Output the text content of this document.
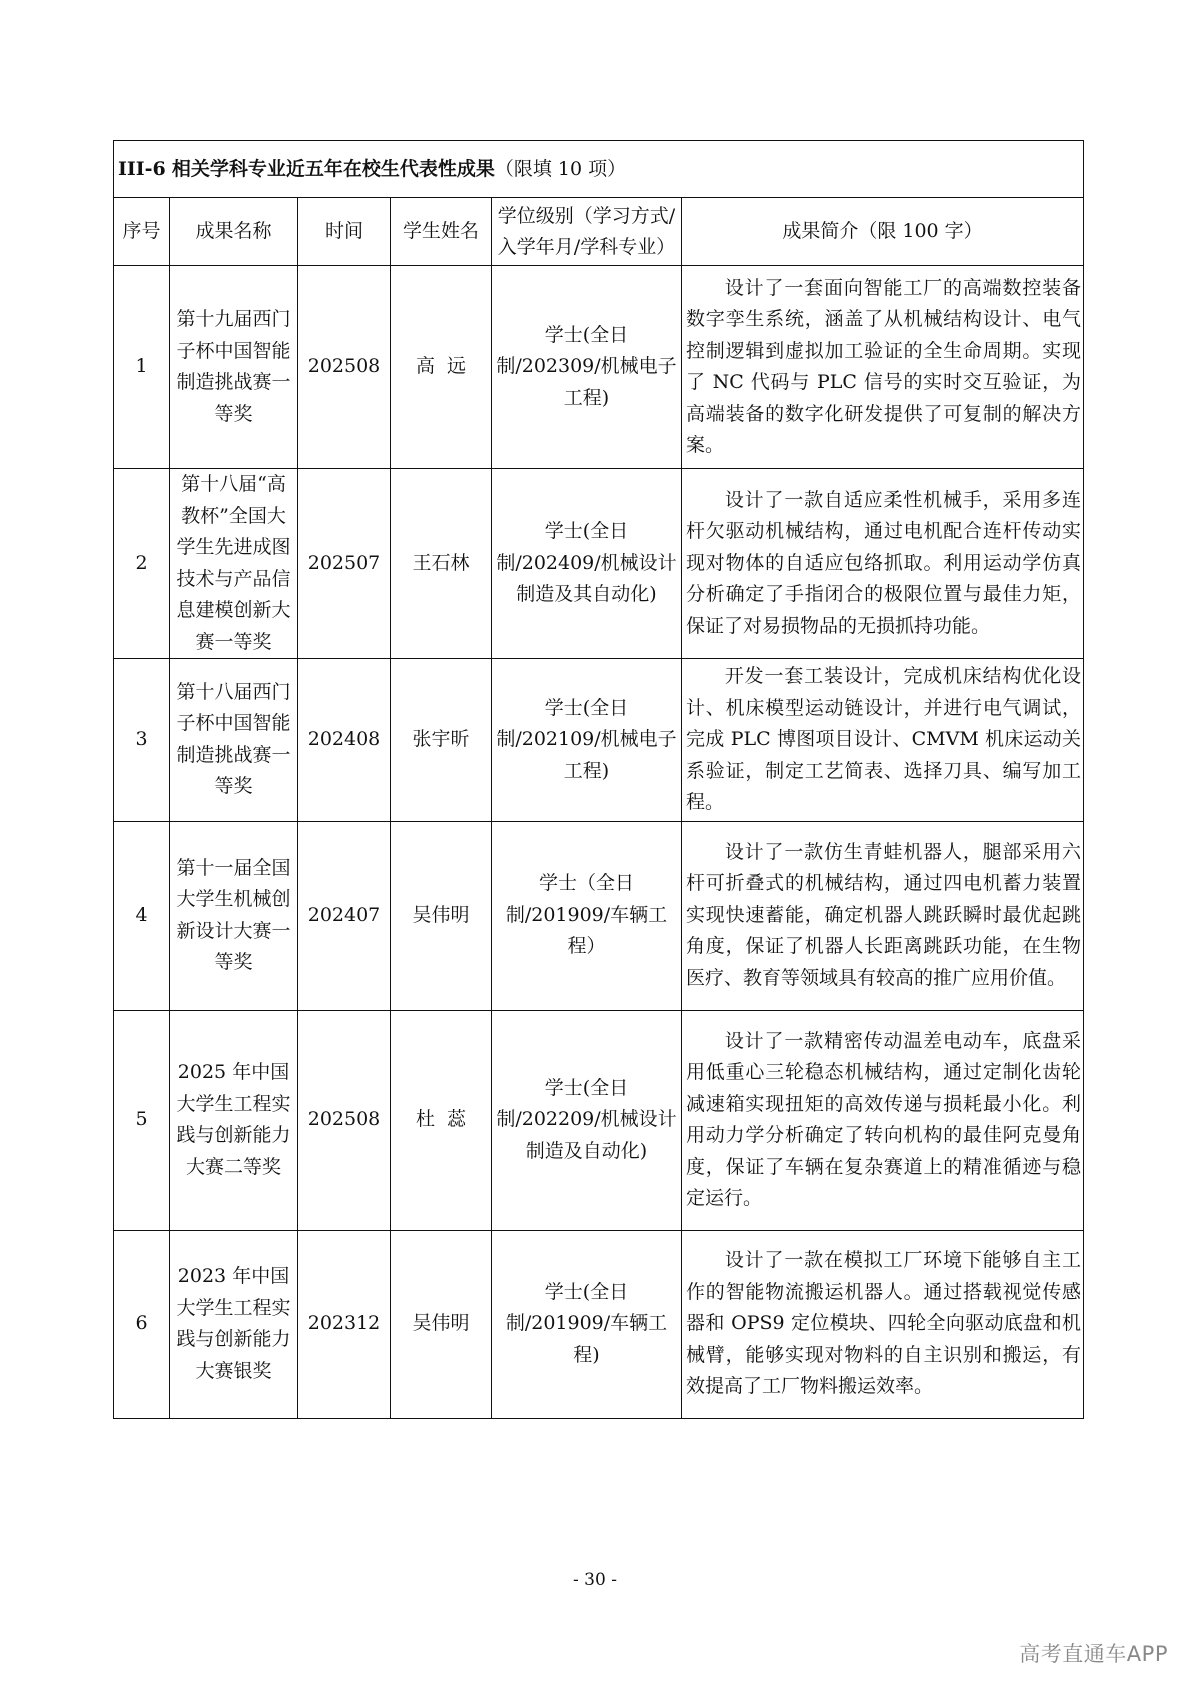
III-6 相关学科专业近五年在校生代表性成果（限填 10 项）					
序号	成果名称	时间	学生姓名	学位级别（学习方式/入学年月/学科专业）	成果简介（限 100 字）
1	第十九届西门子杯中国智能制造挑战赛一等奖	202508	高  远	学士(全日制/202309/机械电子工程)	设计了一套面向智能工厂的高端数控装备数字孪生系统，涵盖了从机械结构设计、电气控制逻辑到虚拟加工验证的全生命周期。实现了 NC 代码与 PLC 信号的实时交互验证，为高端装备的数字化研发提供了可复制的解决方案。
2	第十八届“高教杯”全国大学生先进成图技术与产品信息建模创新大赛一等奖	202507	王石林	学士(全日制/202409/机械设计制造及其自动化)	设计了一款自适应柔性机械手，采用多连杆欠驱动机械结构，通过电机配合连杆传动实现对物体的自适应包络抓取。利用运动学仿真分析确定了手指闭合的极限位置与最佳力矩，保证了对易损物品的无损抓持功能。
3	第十八届西门子杯中国智能制造挑战赛一等奖	202408	张宇昕	学士(全日制/202109/机械电子工程)	开发一套工装设计，完成机床结构优化设计、机床模型运动链设计，并进行电气调试，完成 PLC 博图项目设计、CMVM 机床运动关系验证，制定工艺简表、选择刀具、编写加工程。
4	第十一届全国大学生机械创新设计大赛一等奖	202407	吴伟明	学士（全日制/201909/车辆工程）	设计了一款仿生青蛙机器人，腿部采用六杆可折叠式的机械结构，通过四电机蓄力装置实现快速蓄能，确定机器人跳跃瞬时最优起跳角度，保证了机器人长距离跳跃功能，在生物医疗、教育等领域具有较高的推广应用价值。
5	2025 年中国大学生工程实践与创新能力大赛二等奖	202508	杜  蕊	学士(全日制/202209/机械设计制造及自动化)	设计了一款精密传动温差电动车，底盘采用低重心三轮稳态机械结构，通过定制化齿轮减速箱实现扭矩的高效传递与损耗最小化。利用动力学分析确定了转向机构的最佳阿克曼角度，保证了车辆在复杂赛道上的精准循迹与稳定运行。
6	2023 年中国大学生工程实践与创新能力大赛银奖	202312	吴伟明	学士(全日制/201909/车辆工程)	设计了一款在模拟工厂环境下能够自主工作的智能物流搬运机器人。通过搭载视觉传感器和 OPS9 定位模块、四轮全向驱动底盘和机械臂，能够实现对物料的自主识别和搬运，有效提高了工厂物料搬运效率。
- 30 -
高考直通车APP
